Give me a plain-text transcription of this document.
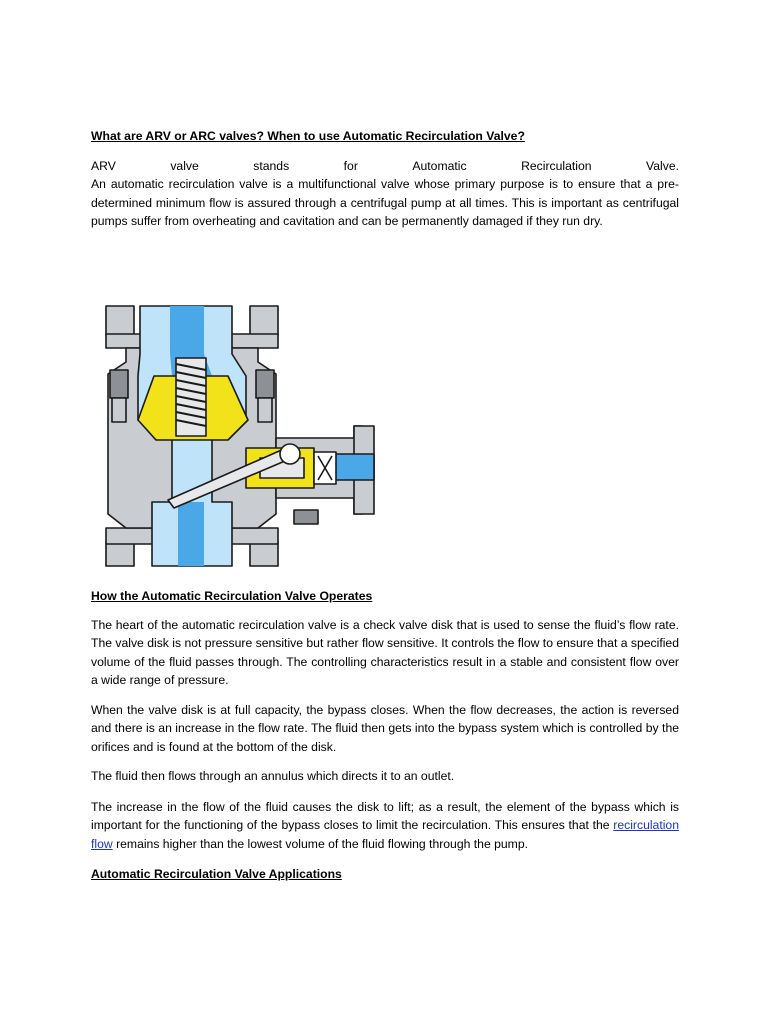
What are ARV or ARC valves? When to use Automatic Recirculation Valve?
ARV	valve	stands	for	Automatic	Recirculation	Valve.
An automatic recirculation valve is a multifunctional valve whose primary purpose is to ensure that a pre-determined minimum flow is assured through a centrifugal pump at all times. This is important as centrifugal pumps suffer from overheating and cavitation and can be permanently damaged if they run dry.
How the Automatic Recirculation Valve Operates
The heart of the automatic recirculation valve is a check valve disk that is used to sense the fluid’s flow rate. The valve disk is not pressure sensitive but rather flow sensitive. It controls the flow to ensure that a specified volume of the fluid passes through. The controlling characteristics result in a stable and consistent flow over a wide range of pressure.
When the valve disk is at full capacity, the bypass closes. When the flow decreases, the action is reversed and there is an increase in the flow rate. The fluid then gets into the bypass system which is controlled by the orifices and is found at the bottom of the disk.
The fluid then flows through an annulus which directs it to an outlet.
The increase in the flow of the fluid causes the disk to lift; as a result, the element of the bypass which is important for the functioning of the bypass closes to limit the recirculation. This ensures that the recirculation flow remains higher than the lowest volume of the fluid flowing through the pump.
Automatic Recirculation Valve Applications
